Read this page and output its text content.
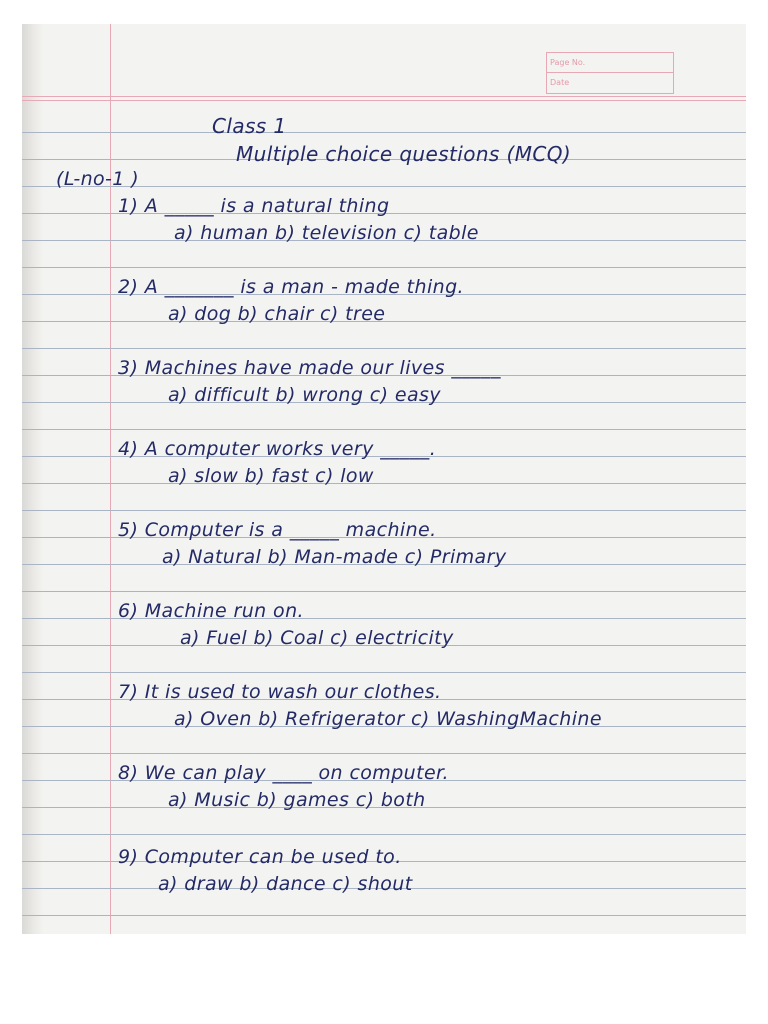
Page No.
Date
Class 1
Multiple choice questions (MCQ)
(L-no-1 )
1) A _____ is a natural thing
a) human b) television c) table
2) A _______ is a man - made thing.
a) dog b) chair c) tree
3) Machines have made our lives _____
a) difficult b) wrong c) easy
4) A computer works very _____.
a) slow b) fast c) low
5) Computer is a _____ machine.
a) Natural b) Man-made c) Primary
6) Machine run on.
a) Fuel b) Coal c) electricity
7) It is used to wash our clothes.
a) Oven b) Refrigerator c) WashingMachine
8) We can play ____ on computer.
a) Music b) games c) both
9) Computer can be used to.
a) draw b) dance c) shout
